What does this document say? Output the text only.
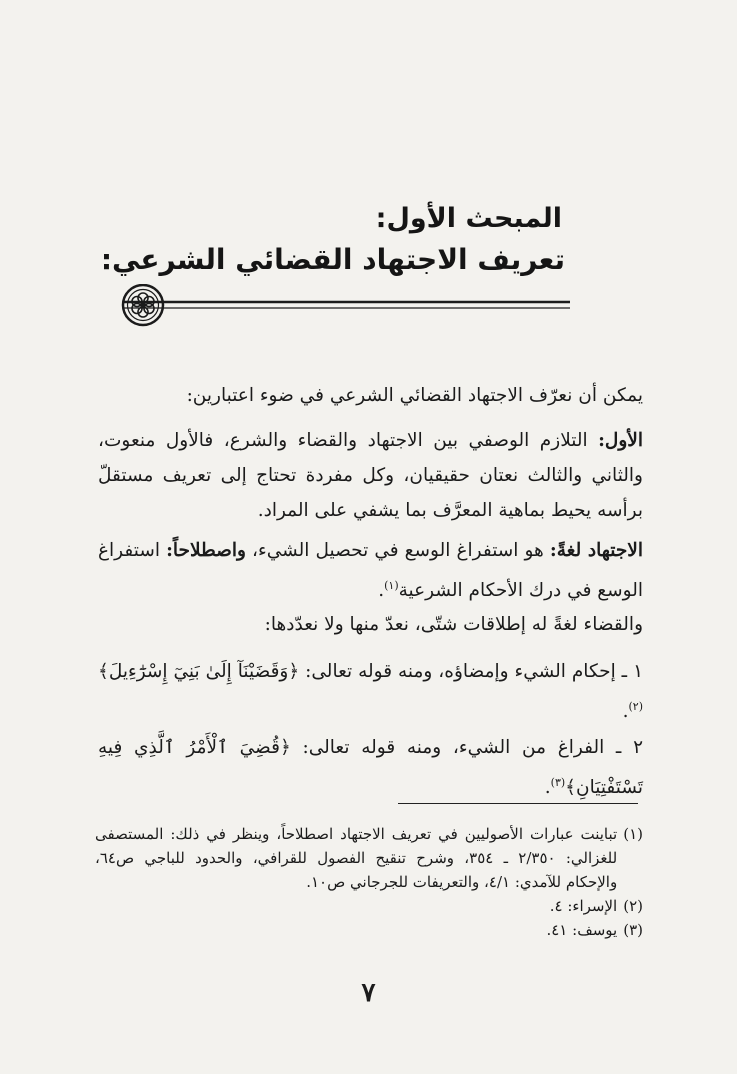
المبحث الأول:
تعريف الاجتهاد القضائي الشرعي:
يمكن أن نعرّف الاجتهاد القضائي الشرعي في ضوء اعتبارين:
الأول: التلازم الوصفي بين الاجتهاد والقضاء والشرع، فالأول منعوت، والثاني والثالث نعتان حقيقيان، وكل مفردة تحتاج إلى تعريف مستقلّ برأسه يحيط بماهية المعرَّف بما يشفي على المراد.
الاجتهاد لغةً: هو استفراغ الوسع في تحصيل الشيء، واصطلاحاً: استفراغ الوسع في درك الأحكام الشرعية$^{(١)}$.
والقضاء لغةً له إطلاقات شتّى، نعدّ منها ولا نعدّدها:
١ ـ إحكام الشيء وإمضاؤه، ومنه قوله تعالى: ﴿وَقَضَيْنَآ إِلَىٰ بَنِيٓ إِسْرَٰٓءِيلَ﴾$^{(٢)}$.
٢ ـ الفراغ من الشيء، ومنه قوله تعالى: ﴿قُضِيَ ٱلْأَمْرُ ٱلَّذِي فِيهِ تَسْتَفْتِيَانِ﴾$^{(٣)}$.
(١)
تباينت عبارات الأصوليين في تعريف الاجتهاد اصطلاحاً، وينظر في ذلك: المستصفى للغزالي: ٢/٣٥٠ ـ ٣٥٤، وشرح تنقيح الفصول للقرافي، والحدود للباجي ص٦٤، والإحكام للآمدي: ٤/١، والتعريفات للجرجاني ص١٠.
(٢)
الإسراء: ٤.
(٣)
يوسف: ٤١.
٧
